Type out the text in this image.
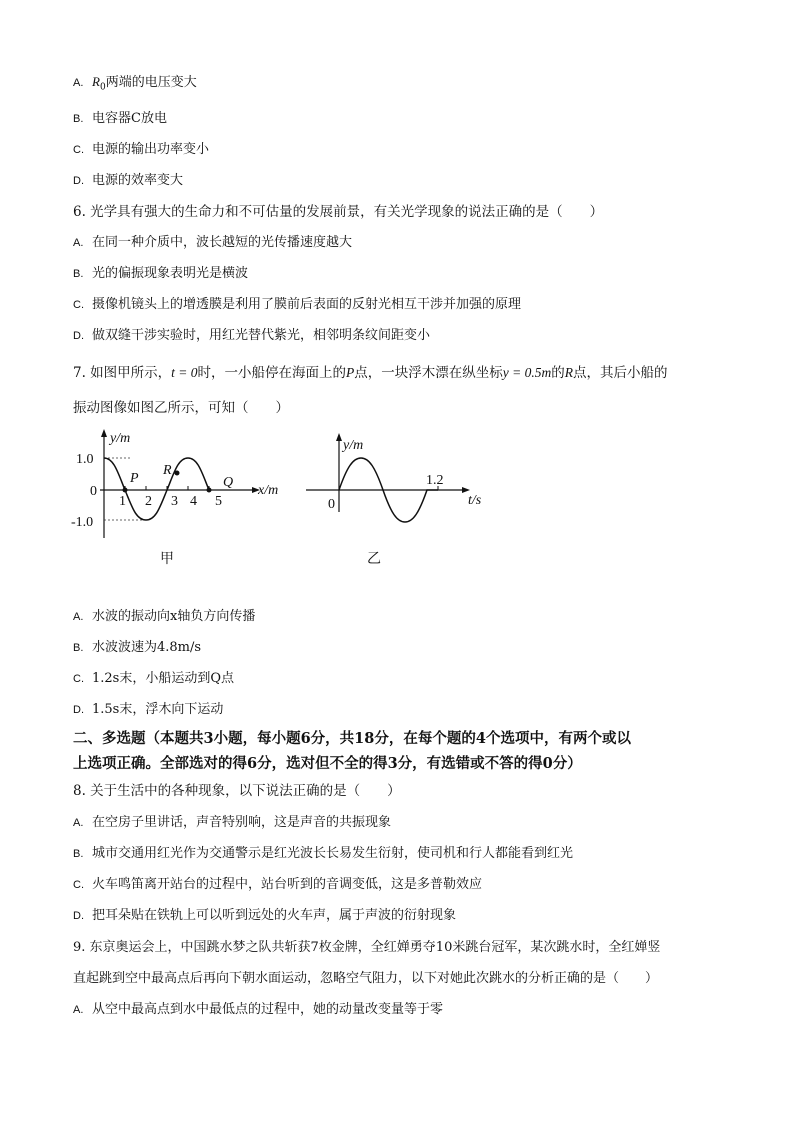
A. $R_0$两端的电压变大
B. 电容器C放电
C. 电源的输出功率变小
D. 电源的效率变大
6. 光学具有强大的生命力和不可估量的发展前景，有关光学现象的说法正确的是（　　）
A. 在同一种介质中，波长越短的光传播速度越大
B. 光的偏振现象表明光是横波
C. 摄像机镜头上的增透膜是利用了膜前后表面的反射光相互干涉并加强的原理
D. 做双缝干涉实验时，用红光替代紫光，相邻明条纹间距变小
7. 如图甲所示，t = 0时，一小船停在海面上的P点，一块浮木漂在纵坐标y = 0.5m的R点，其后小船的
振动图像如图乙所示，可知（　　）
y/m
x/m
1.0
0
-1.0
1 2 3 4 5
P
R
Q
甲
y/m
t/s
0
1.2
乙
A. 水波的振动向x轴负方向传播
B. 水波波速为4.8m/s
C. 1.2s末，小船运动到Q点
D. 1.5s末，浮木向下运动
二、多选题（本题共3小题，每小题6分，共18分，在每个题的4个选项中，有两个或以
上选项正确。全部选对的得6分，选对但不全的得3分，有选错或不答的得0分）
8. 关于生活中的各种现象，以下说法正确的是（　　）
A. 在空房子里讲话，声音特别响，这是声音的共振现象
B. 城市交通用红光作为交通警示是红光波长长易发生衍射，使司机和行人都能看到红光
C. 火车鸣笛离开站台的过程中，站台听到的音调变低，这是多普勒效应
D. 把耳朵贴在铁轨上可以听到远处的火车声，属于声波的衍射现象
9. 东京奥运会上，中国跳水梦之队共斩获7枚金牌，全红婵勇夺10米跳台冠军，某次跳水时，全红婵竖
直起跳到空中最高点后再向下朝水面运动，忽略空气阻力，以下对她此次跳水的分析正确的是（　　）
A. 从空中最高点到水中最低点的过程中，她的动量改变量等于零
